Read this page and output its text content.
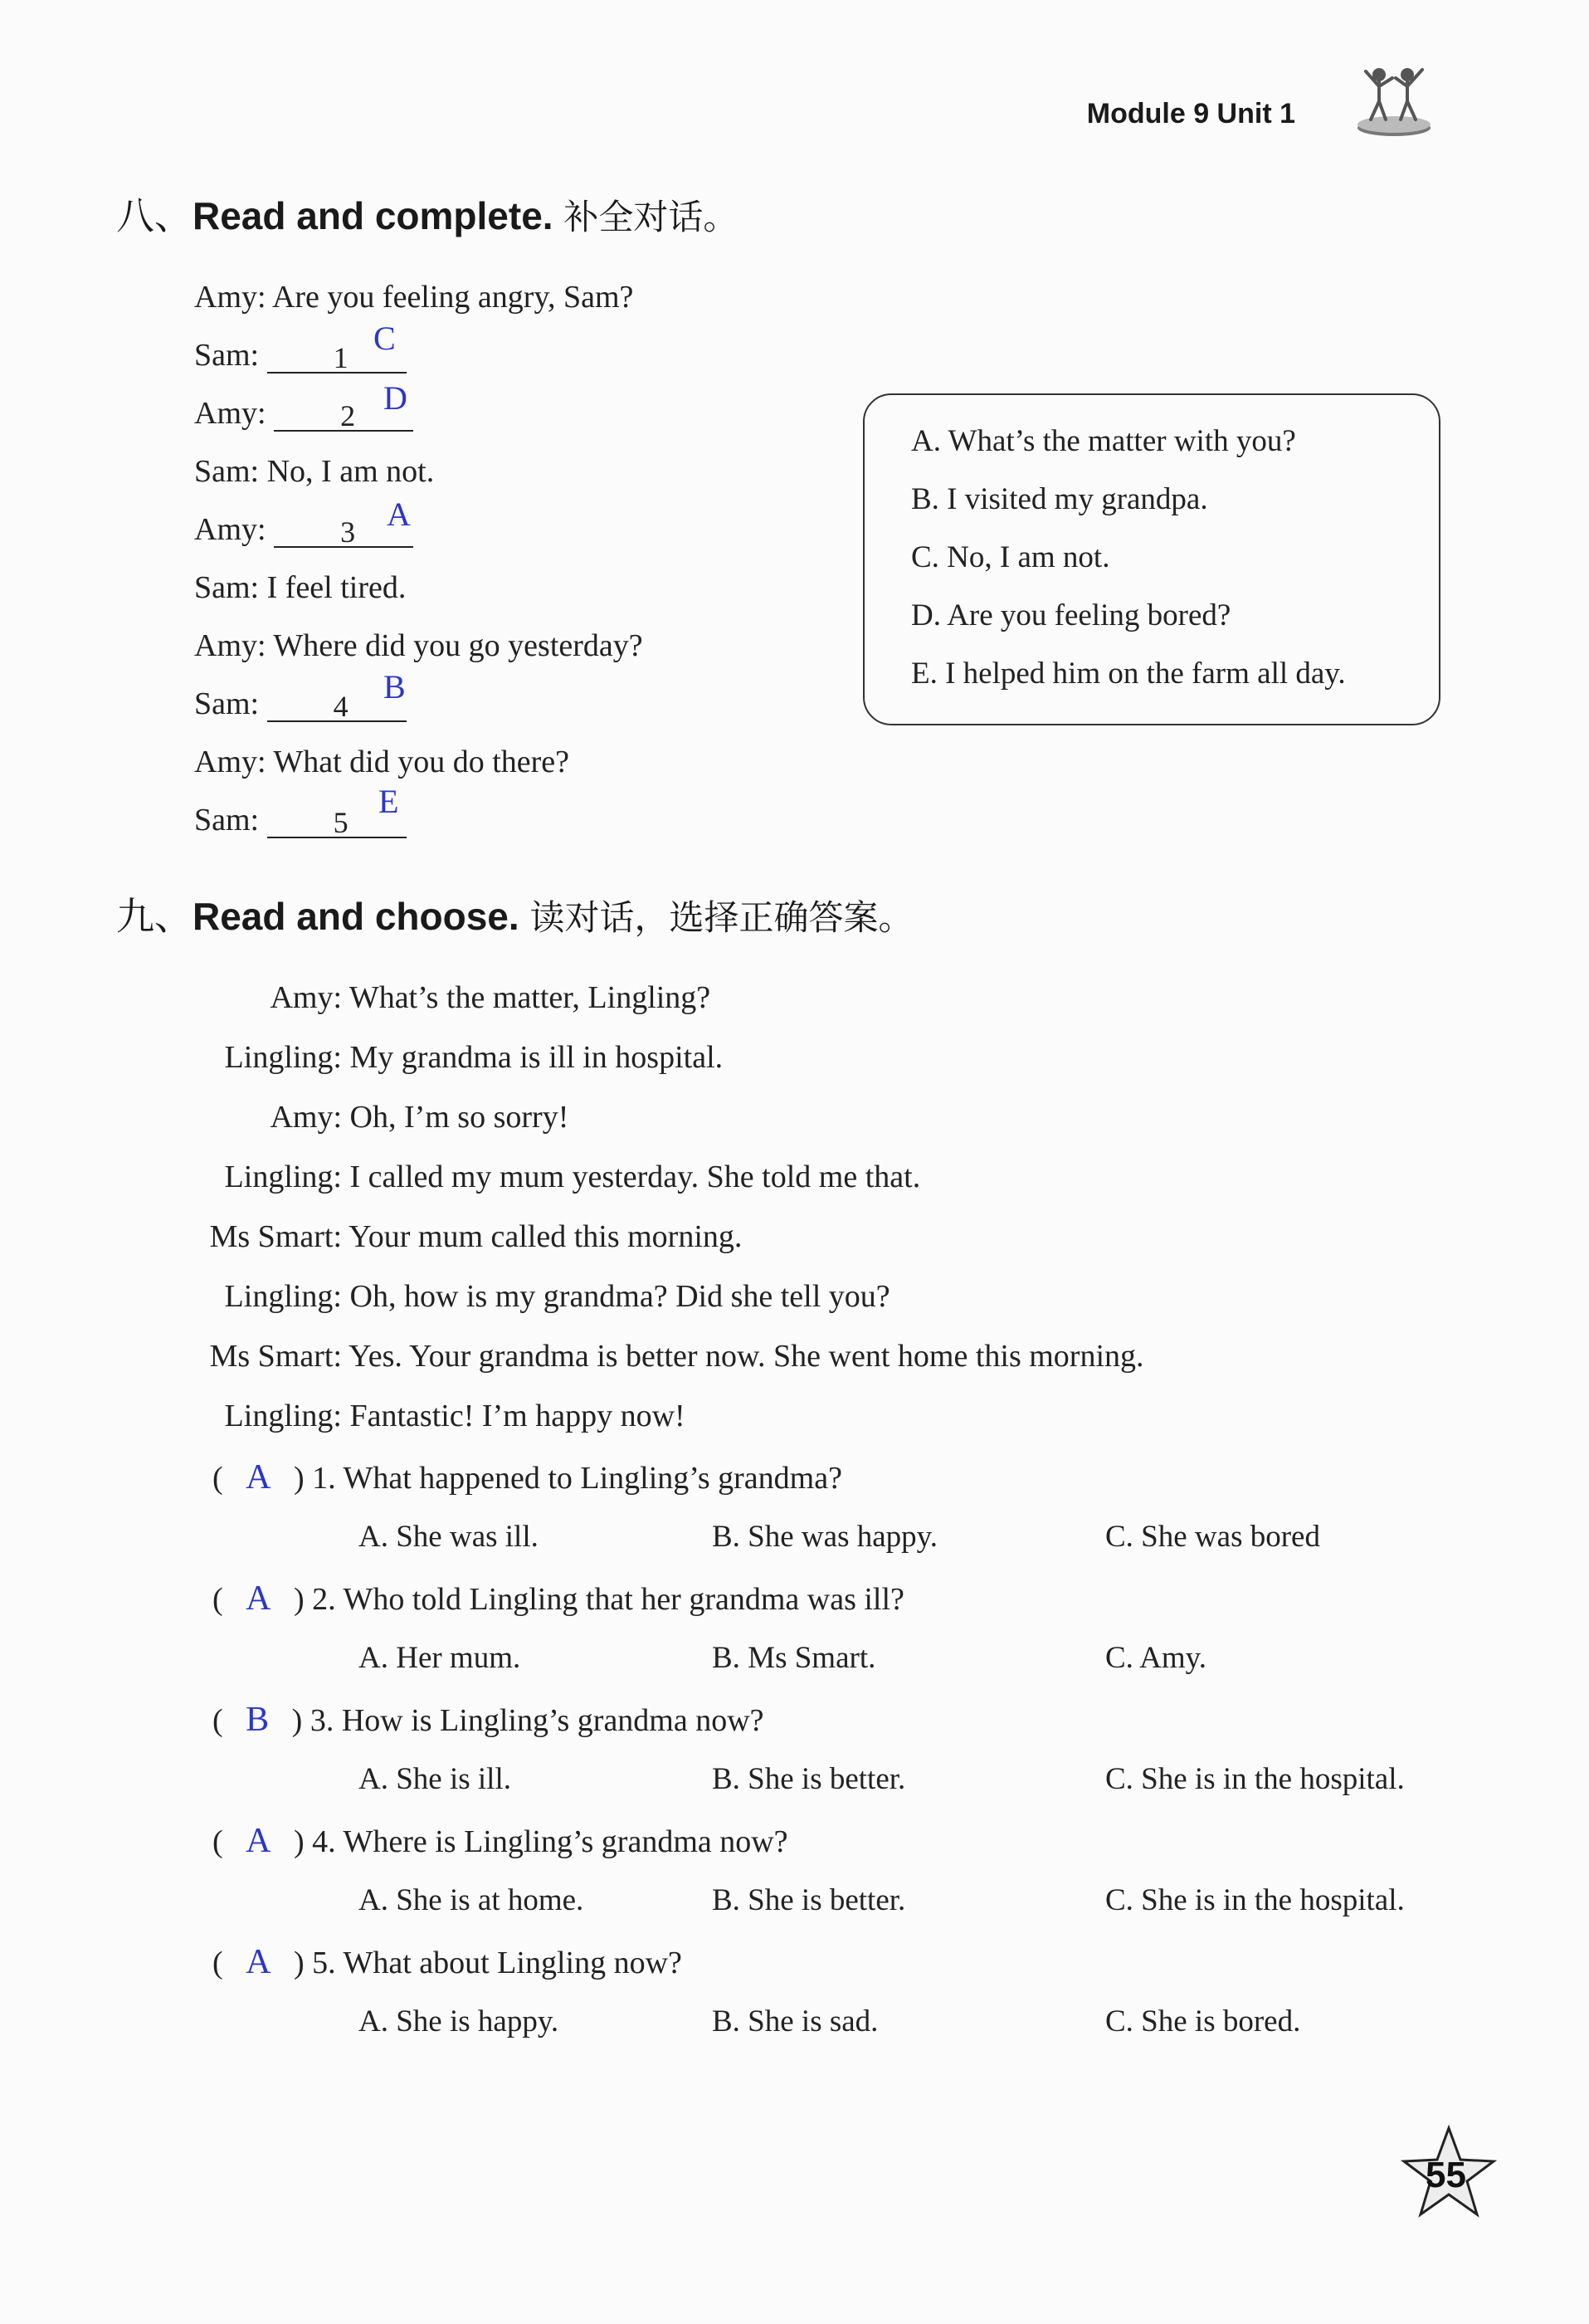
Module 9 Unit 1
八、Read and complete. 补全对话。
Amy: Are you feeling angry, Sam?
Sam: 1
C
Amy: 2 D
Sam: No, I am not.
Amy: 3 A
Sam: I feel tired.
Amy: Where did you go yesterday?
Sam: 4
B
Amy: What did you do there?
Sam: 5
E
A. What’s the matter with you?
B. I visited my grandpa.
C. No, I am not.
D. Are you feeling bored?
E. I helped him on the farm all day.
九、Read and choose. 读对话，选择正确答案。
Amy: What’s the matter, Lingling?
Lingling: My grandma is ill in hospital.
Amy: Oh, I’m so sorry!
Lingling: I called my mum yesterday. She told me that.
Ms Smart: Your mum called this morning.
Lingling: Oh, how is my grandma? Did she tell you?
Ms Smart: Yes. Your grandma is better now. She went home this morning.
Lingling: Fantastic! I’m happy now!
( A ) 1. What happened to Lingling’s grandma?
A. She was ill.	B. She was happy.	C. She was bored
( A ) 2. Who told Lingling that her grandma was ill?
A. Her mum.	B. Ms Smart.	C. Amy.
( B ) 3. How is Lingling’s grandma now?
A. She is ill.	B. She is better.	C. She is in the hospital.
( A ) 4. Where is Lingling’s grandma now?
A. She is at home.	B. She is better.	C. She is in the hospital.
( A ) 5. What about Lingling now?
A. She is happy.	B. She is sad.	C. She is bored.
55
